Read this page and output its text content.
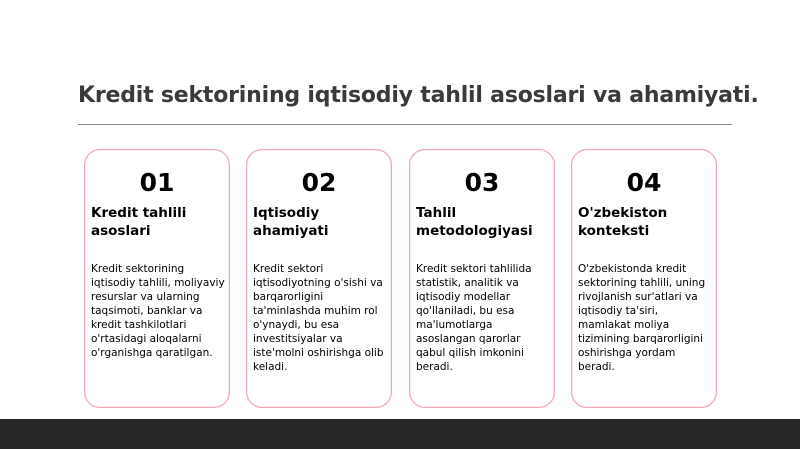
Kredit sektorining iqtisodiy tahlil asoslari va ahamiyati.
01
Kredit tahlili asoslari
Kredit sektorining iqtisodiy tahlili, moliyaviy resurslar va ularning taqsimoti, banklar va kredit tashkilotlari o'rtasidagi aloqalarni o'rganishga qaratilgan.
02
Iqtisodiy ahamiyati
Kredit sektori iqtisodiyotning o'sishi va barqarorligini ta'minlashda muhim rol o'ynaydi, bu esa investitsiyalar va iste'molni oshirishga olib keladi.
03
Tahlil metodologiyasi
Kredit sektori tahlilida statistik, analitik va iqtisodiy modellar qo'llaniladi, bu esa ma'lumotlarga asoslangan qarorlar qabul qilish imkonini beradi.
04
O'zbekiston konteksti
O'zbekistonda kredit sektorining tahlili, uning rivojlanish sur'atlari va iqtisodiy ta'siri, mamlakat moliya tizimining barqarorligini oshirishga yordam beradi.
